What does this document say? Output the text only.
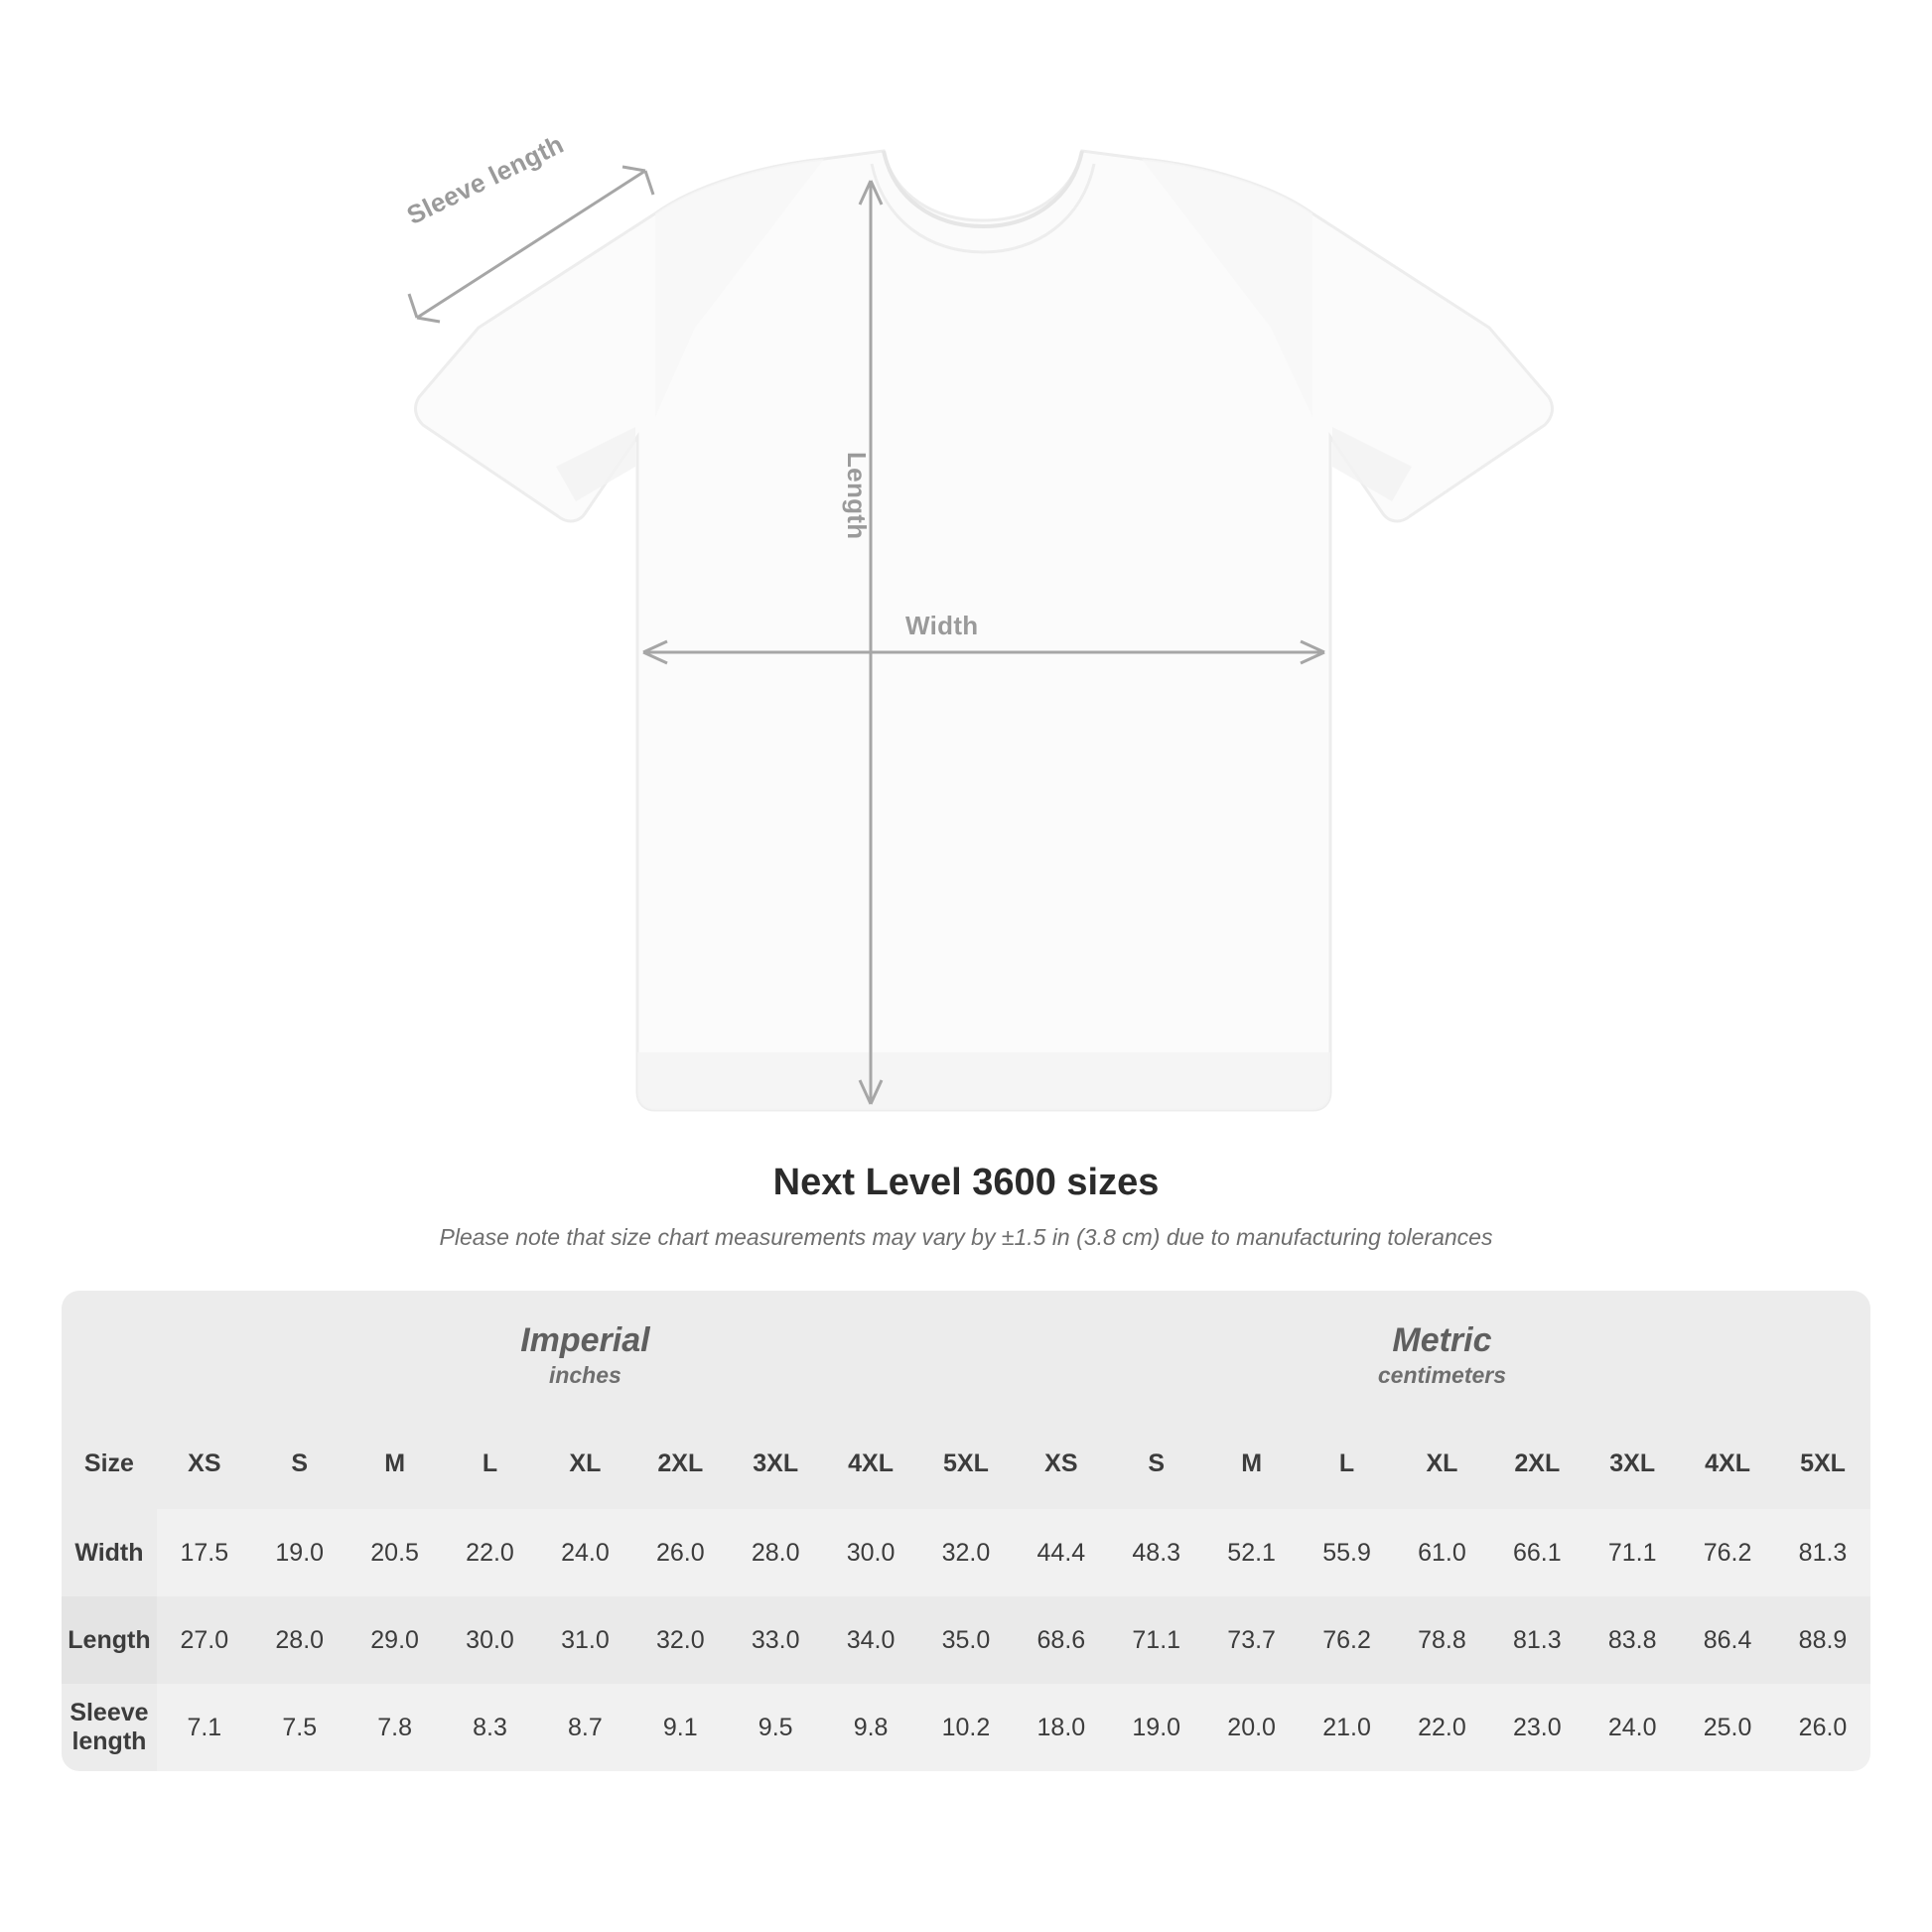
Sleeve length
Length
Width
Next Level 3600 sizes

Please note that size chart measurements may vary by ±1.5 in (3.8 cm) due to manufacturing tolerances

	Imperial
inches									Metric
centimeters								

Size	XS	S	M	L	XL	2XL	3XL	4XL	5XL	XS	S	M	L	XL	2XL	3XL	4XL	5XL
Width	17.5	19.0	20.5	22.0	24.0	26.0	28.0	30.0	32.0	44.4	48.3	52.1	55.9	61.0	66.1	71.1	76.2	81.3
Length	27.0	28.0	29.0	30.0	31.0	32.0	33.0	34.0	35.0	68.6	71.1	73.7	76.2	78.8	81.3	83.8	86.4	88.9
Sleeve length	7.1	7.5	7.8	8.3	8.7	9.1	9.5	9.8	10.2	18.0	19.0	20.0	21.0	22.0	23.0	24.0	25.0	26.0
